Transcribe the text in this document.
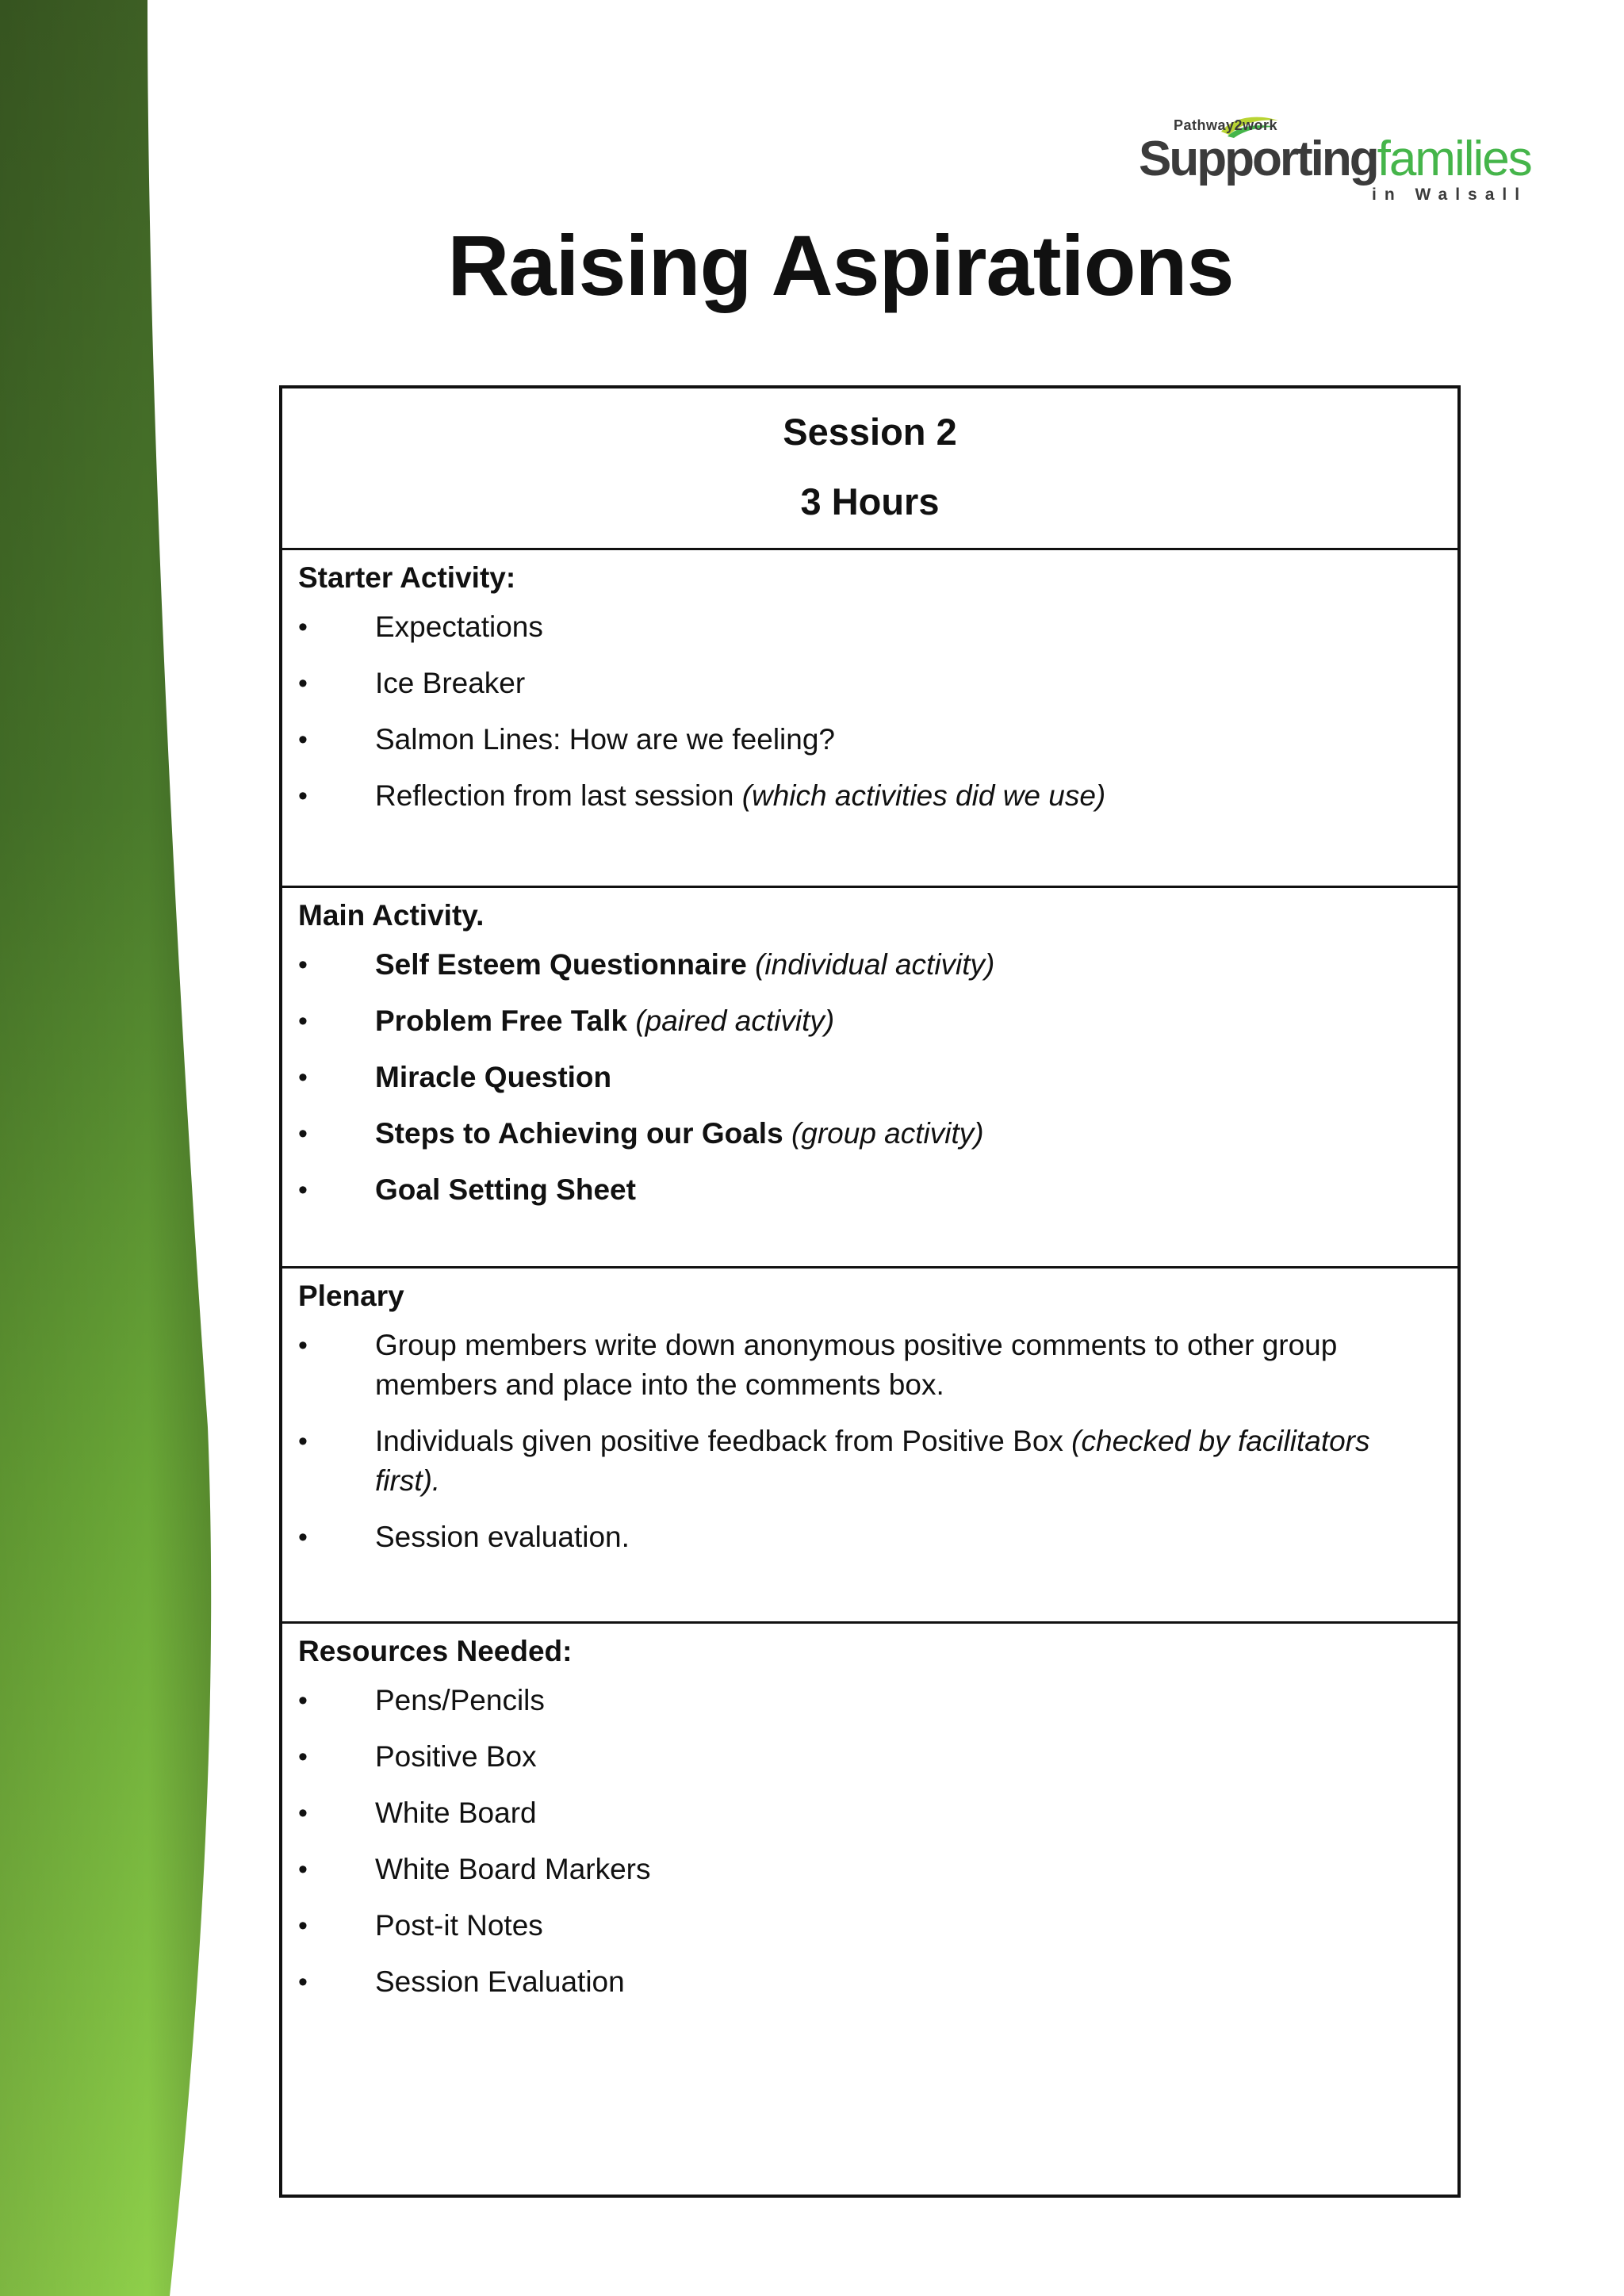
Pathway2work
Supportingfamilies
in Walsall
Raising Aspirations
Session 2
3 Hours
Starter Activity:
• Expectations
• Ice Breaker
• Salmon Lines: How are we feeling?
• Reflection from last session (which activities did we use)
Main Activity.
• Self Esteem Questionnaire (individual activity)
• Problem Free Talk (paired activity)
• Miracle Question
• Steps to Achieving our Goals (group activity)
• Goal Setting Sheet
Plenary
• Group members write down anonymous positive comments to other group members and place into the comments box.
• Individuals given positive feedback from Positive Box (checked by facilitators first).
• Session evaluation.
Resources Needed:
• Pens/Pencils
• Positive Box
• White Board
• White Board Markers
• Post-it Notes
• Session Evaluation
